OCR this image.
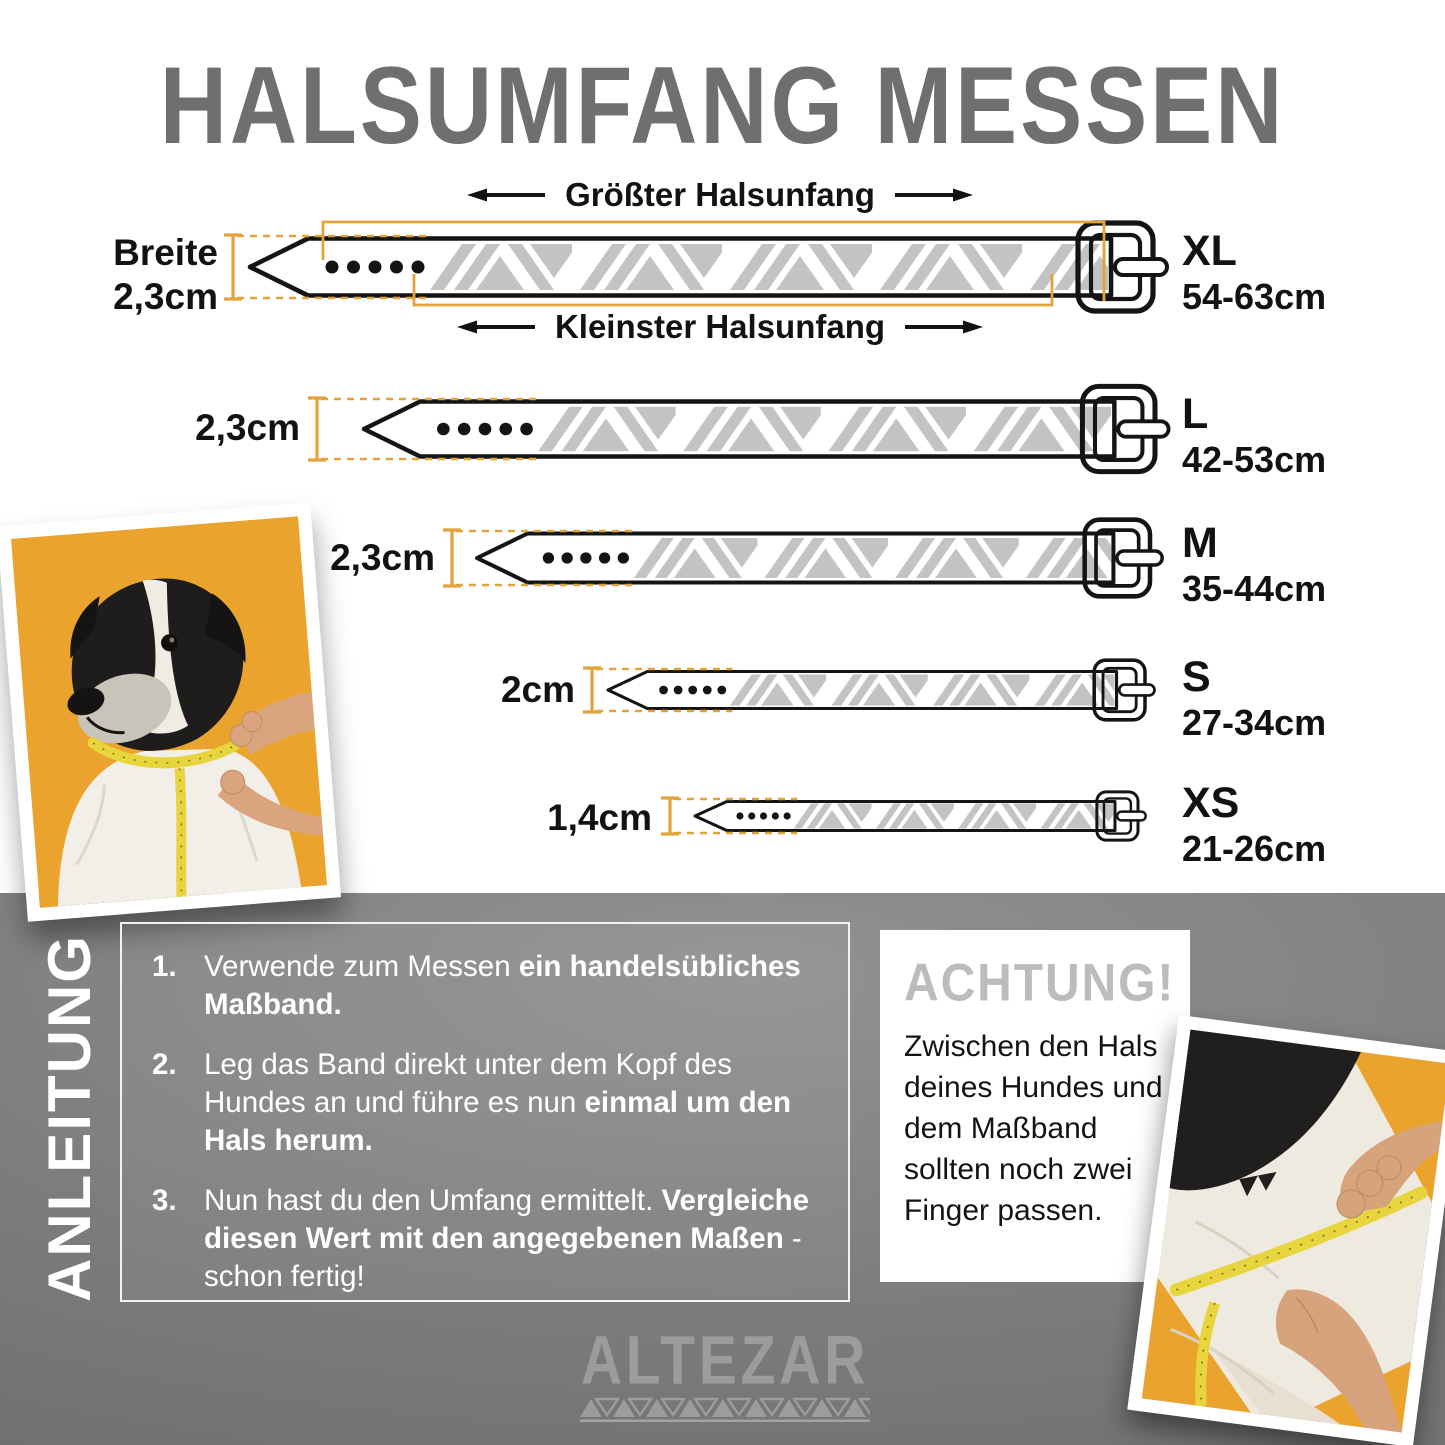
HALSUMFANG MESSEN
Größter Halsunfang
Kleinster Halsunfang
Breite
2,3cm
2,3cm
2,3cm
2cm
1,4cm
XL
54-63cm
L
42-53cm
M
35-44cm
S
27-34cm
XS
21-26cm
ANLEITUNG 1. Verwende zum Messen ein handelsübliches Maßband.

2. Leg das Band direkt unter dem Kopf des Hundes an und führe es nun einmal um den Hals herum.

3. Nun hast du den Umfang ermittelt. Vergleiche diesen Wert mit den angegebenen Maßen - schon fertig!

ACHTUNG!

Zwischen den Hals deines Hundes und dem Maßband sollten noch zwei Finger passen.

ALTEZAR
